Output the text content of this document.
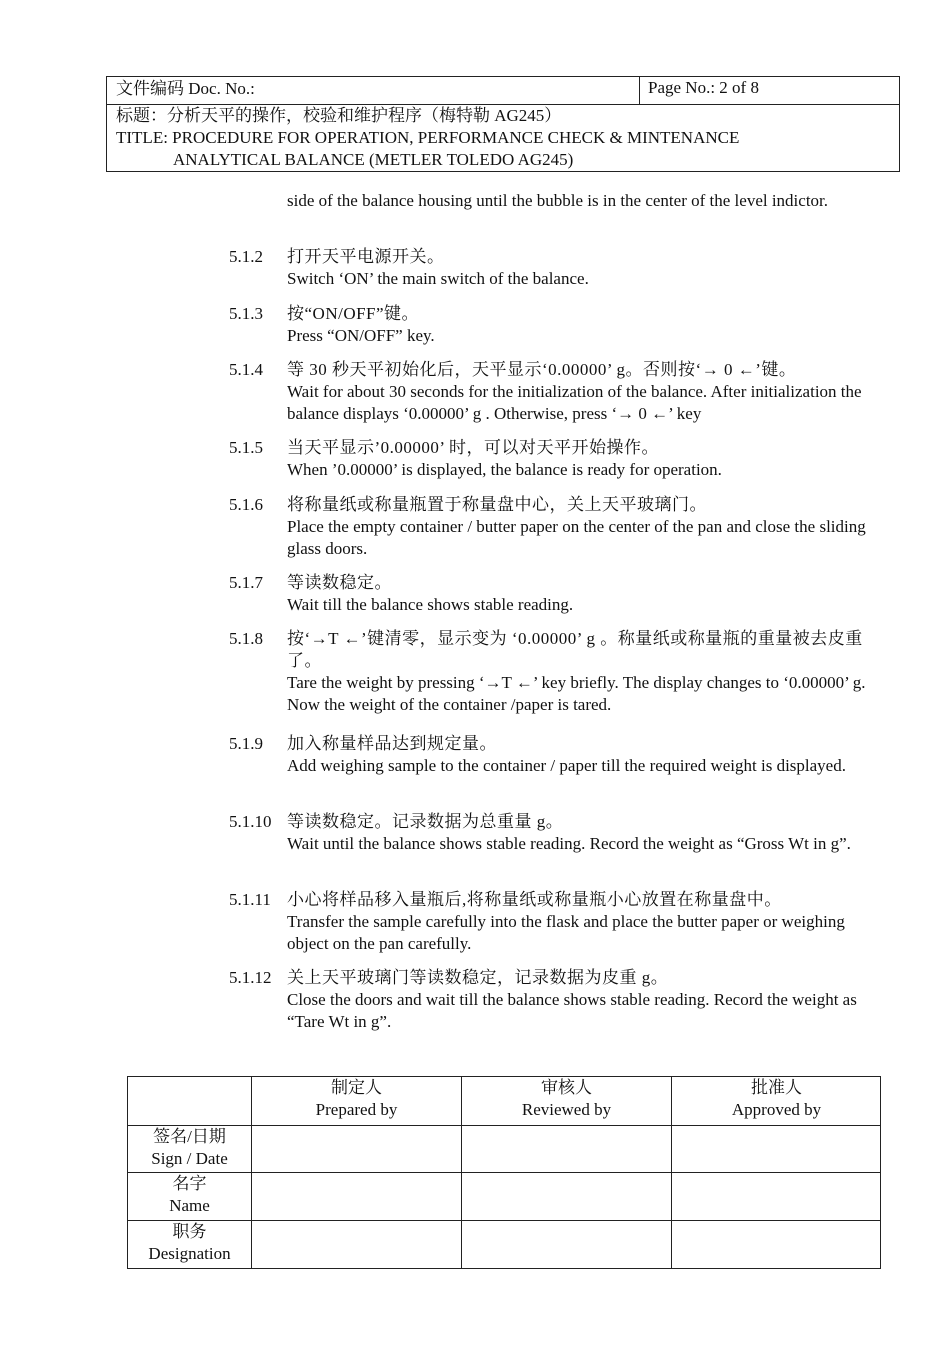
文件编码 Doc. No.:	Page No.: 2 of 8
标题：分析天平的操作，校验和维护程序（梅特勒 AG245）
TITLE: PROCEDURE FOR OPERATION, PERFORMANCE CHECK & MINTENANCE
ANALYTICAL BALANCE (METLER TOLEDO AG245)
side of the balance housing until the bubble is in the center of the level indictor.
5.1.2 打开天平电源开关。
Switch ‘ON’ the main switch of the balance.
5.1.3 按“ON/OFF”键。
Press “ON/OFF” key.
5.1.4 等 30 秒天平初始化后，天平显示‘0.00000’ g。否则按‘→ 0 ←’键。
Wait for about 30 seconds for the initialization of the balance. After initialization the balance displays ‘0.00000’ g . Otherwise, press ‘→ 0 ←’ key
5.1.5 当天平显示’0.00000’ 时，可以对天平开始操作。
When ’0.00000’ is displayed, the balance is ready for operation.
5.1.6 将称量纸或称量瓶置于称量盘中心，关上天平玻璃门。
Place the empty container / butter paper on the center of the pan and close the sliding glass doors.
5.1.7 等读数稳定。
Wait till the balance shows stable reading.
5.1.8 按‘→T ←’键清零，显示变为 ‘0.00000’ g 。称量纸或称量瓶的重量被去皮重了。
Tare the weight by pressing ‘→T ←’ key briefly. The display changes to ‘0.00000’ g. Now the weight of the container /paper is tared.
5.1.9 加入称量样品达到规定量。
Add weighing sample to the container / paper till the required weight is displayed.
5.1.10 等读数稳定。记录数据为总重量 g。
Wait until the balance shows stable reading. Record the weight as “Gross Wt in g”.
5.1.11 小心将样品移入量瓶后,将称量纸或称量瓶小心放置在称量盘中。
Transfer the sample carefully into the flask and place the butter paper or weighing object on the pan carefully.
5.1.12 关上天平玻璃门等读数稳定，记录数据为皮重 g。
Close the doors and wait till the balance shows stable reading. Record the weight as “Tare Wt in g”.
制定人
Prepared by
审核人
Reviewed by
批准人
Approved by
签名/日期
Sign / Date
名字
Name
职务
Designation
